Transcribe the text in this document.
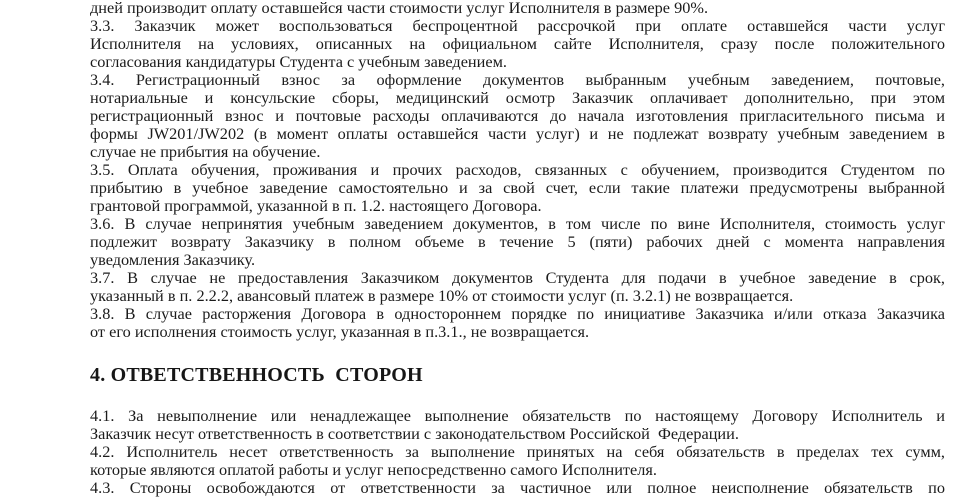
дней производит оплату оставшейся части стоимости услуг Исполнителя в размере 90%.
3.3. Заказчик может воспользоваться беспроцентной рассрочкой при оплате оставшейся части услуг
Исполнителя на условиях, описанных на официальном сайте Исполнителя, сразу после положительного
согласования кандидатуры Студента с учебным заведением.
3.4. Регистрационный взнос за оформление документов выбранным учебным заведением, почтовые,
нотариальные и консульские сборы, медицинский осмотр Заказчик оплачивает дополнительно, при этом
регистрационный взнос и почтовые расходы оплачиваются до начала изготовления пригласительного письма и
формы JW201/JW202 (в момент оплаты оставшейся части услуг) и не подлежат возврату учебным заведением в
случае не прибытия на обучение.
3.5. Оплата обучения, проживания и прочих расходов, связанных с обучением, производится Студентом по
прибытию в учебное заведение самостоятельно и за свой счет, если такие платежи предусмотрены выбранной
грантовой программой, указанной в п. 1.2. настоящего Договора.
3.6. В случае непринятия учебным заведением документов, в том числе по вине Исполнителя, стоимость услуг
подлежит возврату Заказчику в полном объеме в течение 5 (пяти) рабочих дней с момента направления
уведомления Заказчику.
3.7. В случае не предоставления Заказчиком документов Студента для подачи в учебное заведение в срок,
указанный в п. 2.2.2, авансовый платеж в размере 10% от стоимости услуг (п. 3.2.1) не возвращается.
3.8. В случае расторжения Договора в одностороннем порядке по инициативе Заказчика и/или отказа Заказчика
от его исполнения стоимость услуг, указанная в п.3.1., не возвращается.
4. ОТВЕТСТВЕННОСТЬ  СТОРОН
4.1. За невыполнение или ненадлежащее выполнение обязательств по настоящему Договору Исполнитель и
Заказчик несут ответственность в соответствии с законодательством Российской  Федерации.
4.2. Исполнитель несет ответственность за выполнение принятых на себя обязательств в пределах тех сумм,
которые являются оплатой работы и услуг непосредственно самого Исполнителя.
4.3. Стороны освобождаются от ответственности за частичное или полное неисполнение обязательств по
